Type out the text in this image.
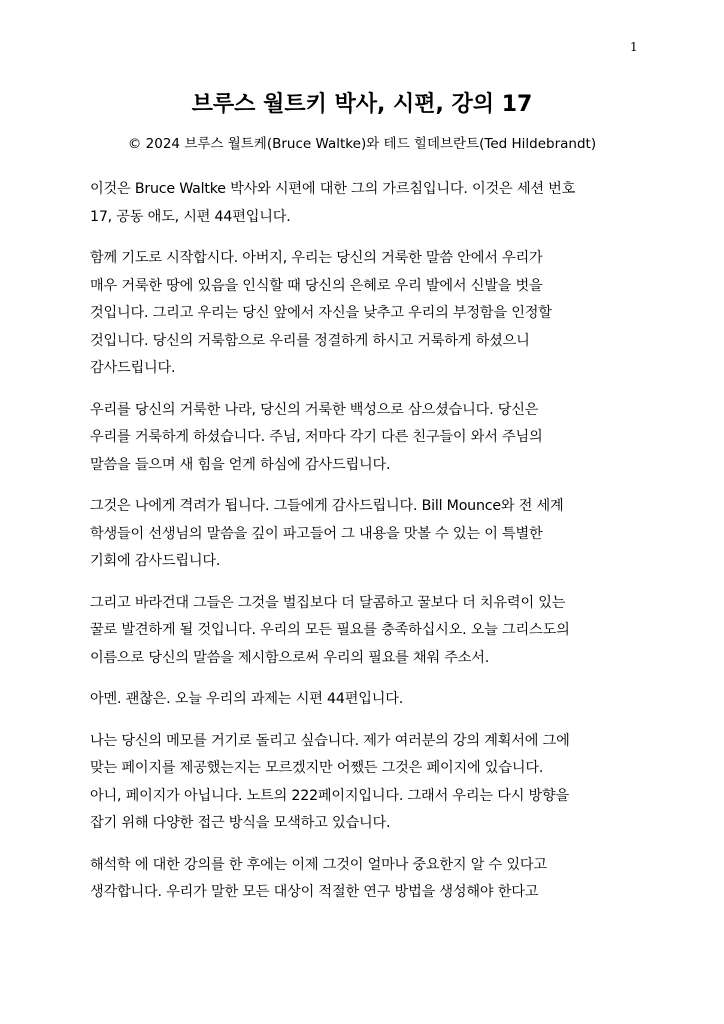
1
브루스 월트키 박사, 시편, 강의 17
© 2024 브루스 월트케(Bruce Waltke)와 테드 힐데브란트(Ted Hildebrandt)

이것은 Bruce Waltke 박사와 시편에 대한 그의 가르침입니다. 이것은 세션 번호
17, 공동 애도, 시편 44편입니다.

함께 기도로 시작합시다. 아버지, 우리는 당신의 거룩한 말씀 안에서 우리가
매우 거룩한 땅에 있음을 인식할 때 당신의 은혜로 우리 발에서 신발을 벗을
것입니다. 그리고 우리는 당신 앞에서 자신을 낮추고 우리의 부정함을 인정할
것입니다. 당신의 거룩함으로 우리를 정결하게 하시고 거룩하게 하셨으니
감사드립니다.

우리를 당신의 거룩한 나라, 당신의 거룩한 백성으로 삼으셨습니다. 당신은
우리를 거룩하게 하셨습니다. 주님, 저마다 각기 다른 친구들이 와서 주님의
말씀을 들으며 새 힘을 얻게 하심에 감사드립니다.

그것은 나에게 격려가 됩니다. 그들에게 감사드립니다. Bill Mounce와 전 세계
학생들이 선생님의 말씀을 깊이 파고들어 그 내용을 맛볼 수 있는 이 특별한
기회에 감사드립니다.

그리고 바라건대 그들은 그것을 벌집보다 더 달콤하고 꿀보다 더 치유력이 있는
꿀로 발견하게 될 것입니다. 우리의 모든 필요를 충족하십시오. 오늘 그리스도의
이름으로 당신의 말씀을 제시함으로써 우리의 필요를 채워 주소서.

아멘. 괜찮은. 오늘 우리의 과제는 시편 44편입니다.

나는 당신의 메모를 거기로 돌리고 싶습니다. 제가 여러분의 강의 계획서에 그에
맞는 페이지를 제공했는지는 모르겠지만 어쨌든 그것은 페이지에 있습니다.
아니, 페이지가 아닙니다. 노트의 222페이지입니다. 그래서 우리는 다시 방향을
잡기 위해 다양한 접근 방식을 모색하고 있습니다.

해석학 에 대한 강의를 한 후에는 이제 그것이 얼마나 중요한지 알 수 있다고
생각합니다. 우리가 말한 모든 대상이 적절한 연구 방법을 생성해야 한다고
